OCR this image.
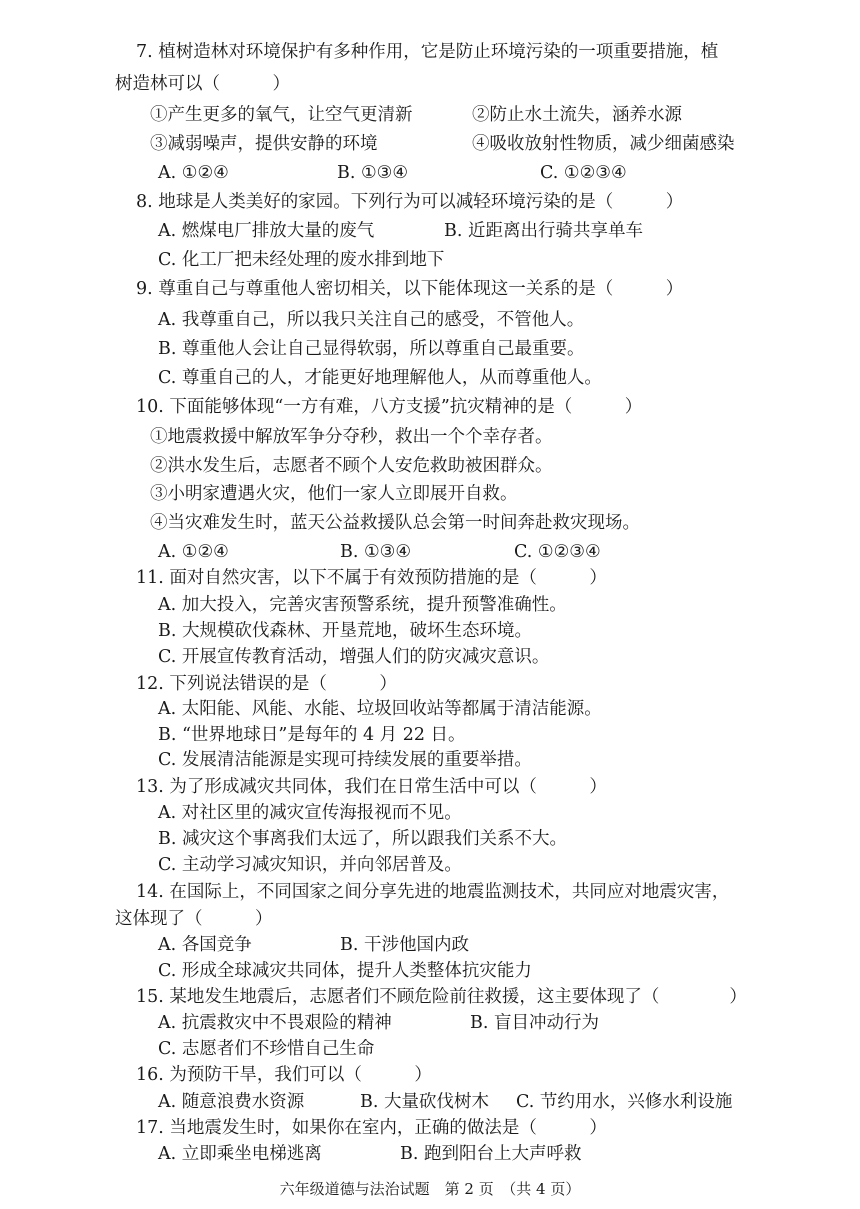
7. 植树造林对环境保护有多种作用，它是防止环境污染的一项重要措施，植
树造林可以（　　　）
①产生更多的氧气，让空气更清新	②防止水土流失，涵养水源
③减弱噪声，提供安静的环境	④吸收放射性物质，减少细菌感染
A. ①②④	B. ①③④	C. ①②③④
8. 地球是人类美好的家园。下列行为可以减轻环境污染的是（　　　）
A. 燃煤电厂排放大量的废气	B. 近距离出行骑共享单车
C. 化工厂把未经处理的废水排到地下
9. 尊重自己与尊重他人密切相关，以下能体现这一关系的是（　　　）
A. 我尊重自己，所以我只关注自己的感受，不管他人。
B. 尊重他人会让自己显得软弱，所以尊重自己最重要。
C. 尊重自己的人，才能更好地理解他人，从而尊重他人。
10. 下面能够体现“一方有难，八方支援”抗灾精神的是（　　　）
①地震救援中解放军争分夺秒，救出一个个幸存者。
②洪水发生后，志愿者不顾个人安危救助被困群众。
③小明家遭遇火灾，他们一家人立即展开自救。
④当灾难发生时，蓝天公益救援队总会第一时间奔赴救灾现场。
A. ①②④	B. ①③④	C. ①②③④
11. 面对自然灾害，以下不属于有效预防措施的是（　　　）
A. 加大投入，完善灾害预警系统，提升预警准确性。
B. 大规模砍伐森林、开垦荒地，破坏生态环境。
C. 开展宣传教育活动，增强人们的防灾减灾意识。
12. 下列说法错误的是（　　　）
A. 太阳能、风能、水能、垃圾回收站等都属于清洁能源。
B. “世界地球日”是每年的 4 月 22 日。
C. 发展清洁能源是实现可持续发展的重要举措。
13. 为了形成减灾共同体，我们在日常生活中可以（　　　）
A. 对社区里的减灾宣传海报视而不见。
B. 减灾这个事离我们太远了，所以跟我们关系不大。
C. 主动学习减灾知识，并向邻居普及。
14. 在国际上，不同国家之间分享先进的地震监测技术，共同应对地震灾害，
这体现了（　　　）
A. 各国竞争	B. 干涉他国内政
C. 形成全球减灾共同体，提升人类整体抗灾能力
15. 某地发生地震后，志愿者们不顾危险前往救援，这主要体现了（　　　　）
A. 抗震救灾中不畏艰险的精神	B. 盲目冲动行为
C. 志愿者们不珍惜自己生命
16. 为预防干旱，我们可以（　　　）
A. 随意浪费水资源	B. 大量砍伐树木 C. 节约用水，兴修水利设施
17. 当地震发生时，如果你在室内，正确的做法是（　　　）
A. 立即乘坐电梯逃离	B. 跑到阳台上大声呼救
六年级道德与法治试题　第 2 页　（共 4 页）
